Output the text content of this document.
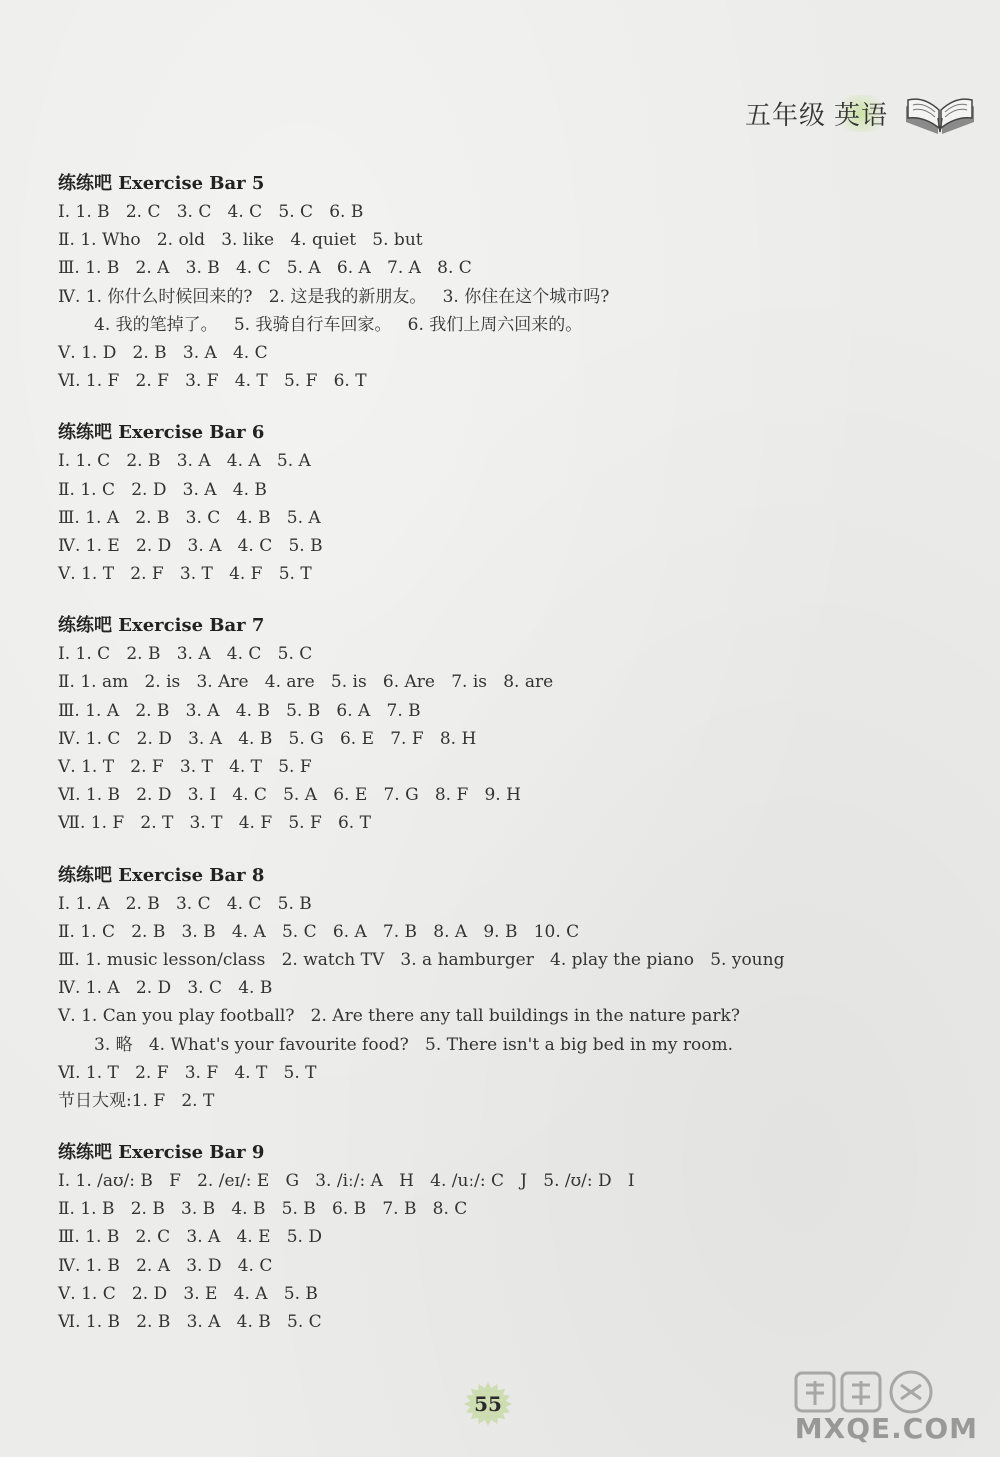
五年级 英语
练练吧 Exercise Bar 5
Ⅰ. 1. B   2. C   3. C   4. C   5. C   6. B
Ⅱ. 1. Who   2. old   3. like   4. quiet   5. but
Ⅲ. 1. B   2. A   3. B   4. C   5. A   6. A   7. A   8. C
Ⅳ. 1. 你什么时候回来的?   2. 这是我的新朋友。   3. 你住在这个城市吗?
4. 我的笔掉了。   5. 我骑自行车回家。   6. 我们上周六回来的。
Ⅴ. 1. D   2. B   3. A   4. C
Ⅵ. 1. F   2. F   3. F   4. T   5. F   6. T
练练吧 Exercise Bar 6
Ⅰ. 1. C   2. B   3. A   4. A   5. A
Ⅱ. 1. C   2. D   3. A   4. B
Ⅲ. 1. A   2. B   3. C   4. B   5. A
Ⅳ. 1. E   2. D   3. A   4. C   5. B
Ⅴ. 1. T   2. F   3. T   4. F   5. T
练练吧 Exercise Bar 7
Ⅰ. 1. C   2. B   3. A   4. C   5. C
Ⅱ. 1. am   2. is   3. Are   4. are   5. is   6. Are   7. is   8. are
Ⅲ. 1. A   2. B   3. A   4. B   5. B   6. A   7. B
Ⅳ. 1. C   2. D   3. A   4. B   5. G   6. E   7. F   8. H
Ⅴ. 1. T   2. F   3. T   4. T   5. F
Ⅵ. 1. B   2. D   3. I   4. C   5. A   6. E   7. G   8. F   9. H
Ⅶ. 1. F   2. T   3. T   4. F   5. F   6. T
练练吧 Exercise Bar 8
Ⅰ. 1. A   2. B   3. C   4. C   5. B
Ⅱ. 1. C   2. B   3. B   4. A   5. C   6. A   7. B   8. A   9. B   10. C
Ⅲ. 1. music lesson/class   2. watch TV   3. a hamburger   4. play the piano   5. young
Ⅳ. 1. A   2. D   3. C   4. B
Ⅴ. 1. Can you play football?   2. Are there any tall buildings in the nature park?
3. 略   4. What's your favourite food?   5. There isn't a big bed in my room.
Ⅵ. 1. T   2. F   3. F   4. T   5. T
节日大观:1. F   2. T
练练吧 Exercise Bar 9
Ⅰ. 1. /aʊ/: B   F   2. /eɪ/: E   G   3. /iː/: A   H   4. /uː/: C   J   5. /ʊ/: D   I
Ⅱ. 1. B   2. B   3. B   4. B   5. B   6. B   7. B   8. C
Ⅲ. 1. B   2. C   3. A   4. E   5. D
Ⅳ. 1. B   2. A   3. D   4. C
Ⅴ. 1. C   2. D   3. E   4. A   5. B
Ⅵ. 1. B   2. B   3. A   4. B   5. C
55
MXQE.COM
